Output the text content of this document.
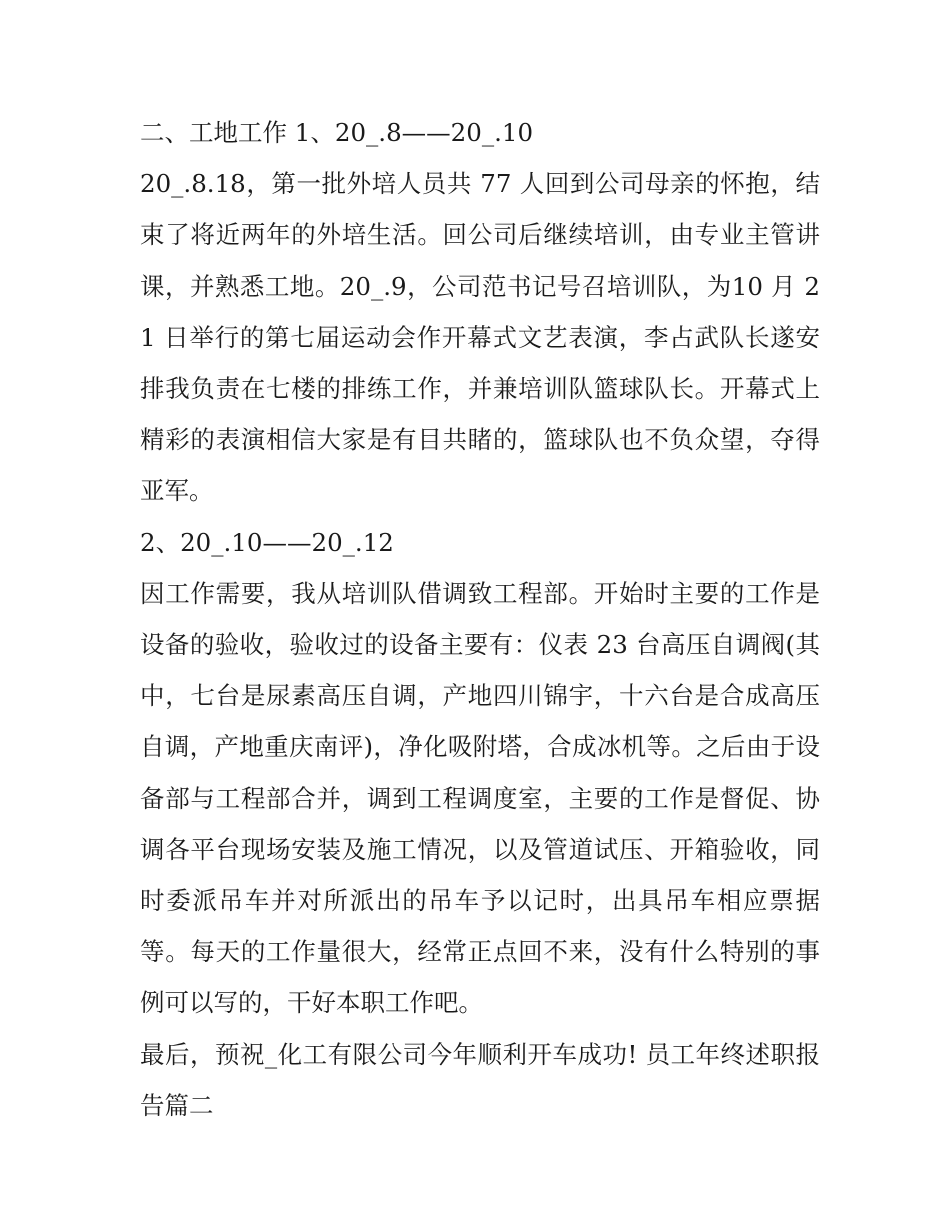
二、工地工作 1、20_.8——20_.10

20_.8.18，第一批外培人员共 77 人回到公司母亲的怀抱，结束了将近两年的外培生活。回公司后继续培训，由专业主管讲课，并熟悉工地。20_.9，公司范书记号召培训队，为10 月 21 日举行的第七届运动会作开幕式文艺表演，李占武队长遂安排我负责在七楼的排练工作，并兼培训队篮球队长。开幕式上精彩的表演相信大家是有目共睹的，篮球队也不负众望，夺得亚军。

2、20_.10——20_.12

因工作需要，我从培训队借调致工程部。开始时主要的工作是设备的验收，验收过的设备主要有：仪表 23 台高压自调阀(其中，七台是尿素高压自调，产地四川锦宇，十六台是合成高压自调，产地重庆南评)，净化吸附塔，合成冰机等。之后由于设备部与工程部合并，调到工程调度室，主要的工作是督促、协调各平台现场安装及施工情况，以及管道试压、开箱验收，同时委派吊车并对所派出的吊车予以记时，出具吊车相应票据等。每天的工作量很大，经常正点回不来，没有什么特别的事例可以写的，干好本职工作吧。

最后，预祝_化工有限公司今年顺利开车成功! 员工年终述职报告篇二
